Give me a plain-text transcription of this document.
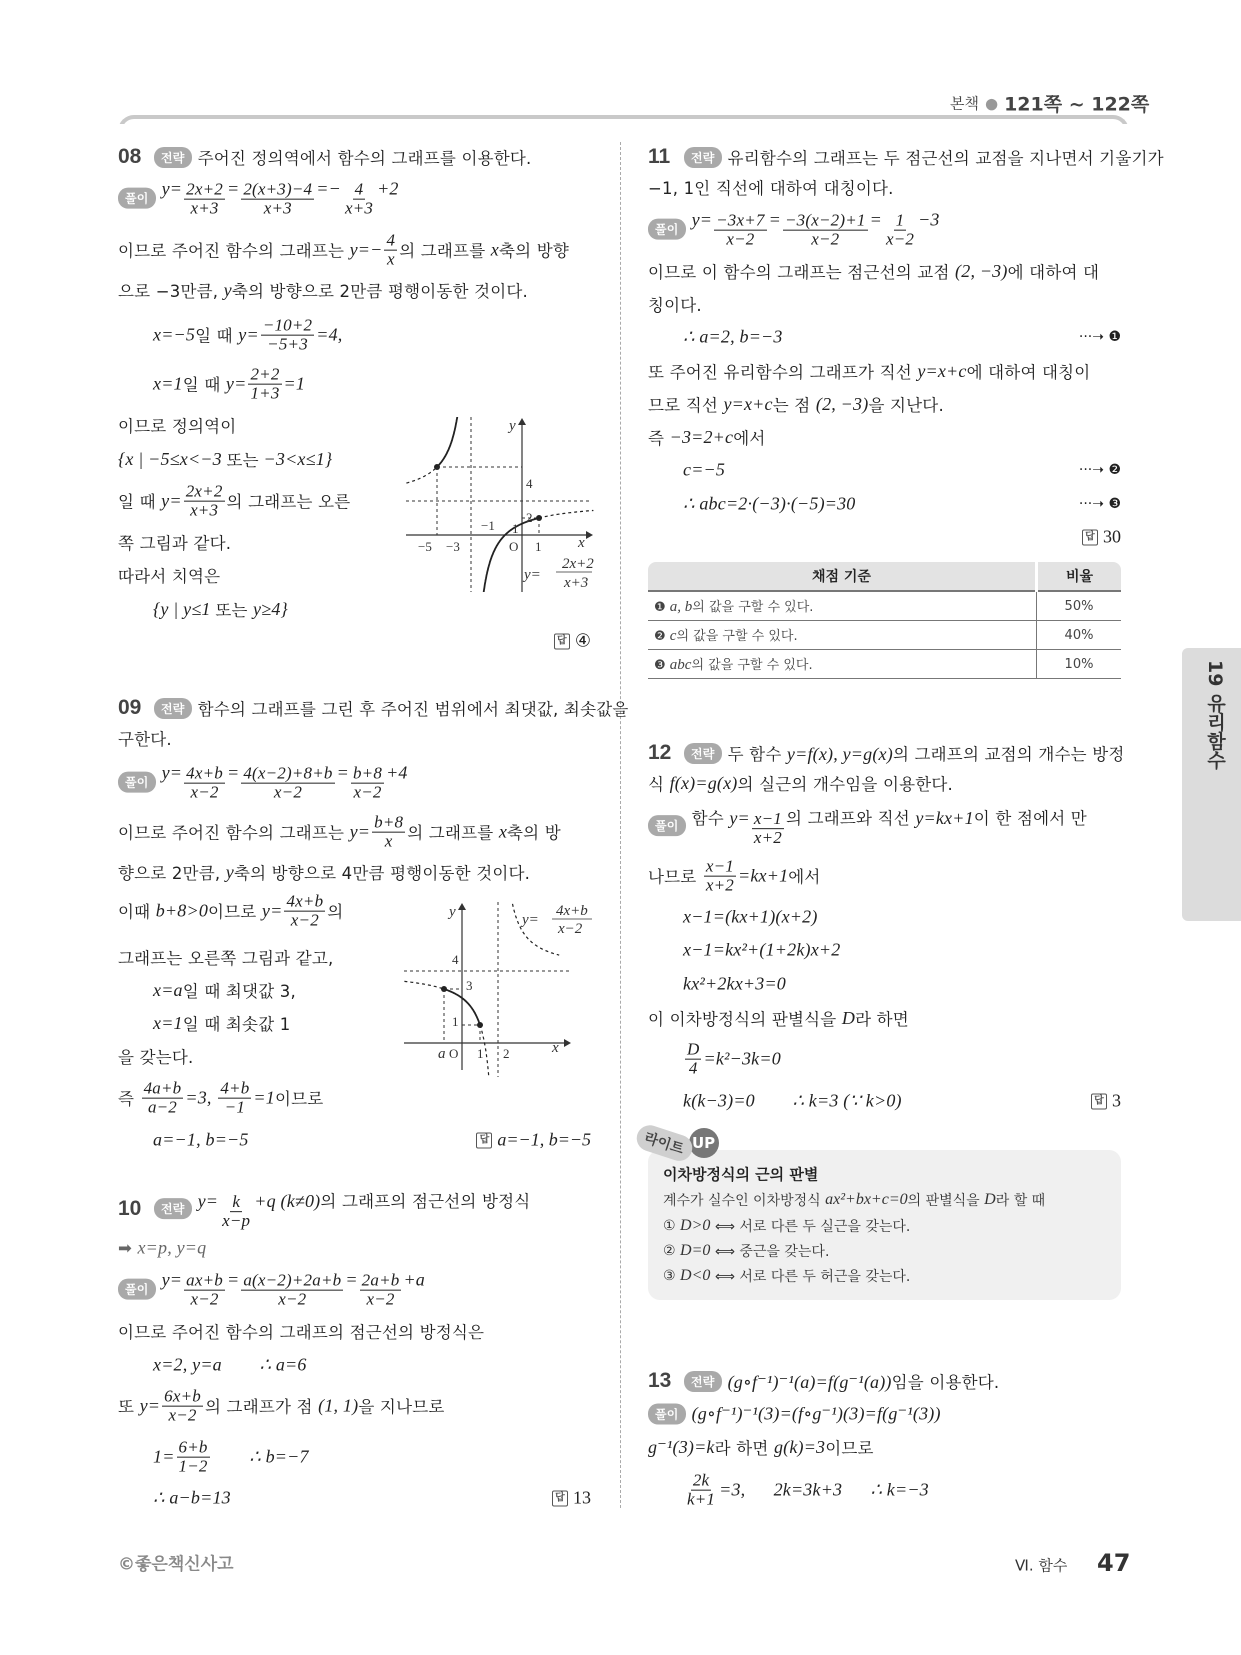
본책 ● 121쪽 ~ 122쪽
08	전략 주어진 정의역에서 함수의 그래프를 이용한다.
풀이 $y= \frac{2x+2}{x+3} = \frac{2(x+3)-4}{x+3} =- \frac{4}{x+3} +2$
이므로 주어진 함수의 그래프는 $y=- \frac{4}{x}$ 의 그래프를 x 축의 방향
으로 −3만큼, y 축의 방향으로 2만큼 평행이동한 것이다.
x=−5 일 때 $y= \frac{-10+2}{-5+3} =4$,
x=1 일 때 $y= \frac{2+2}{1+3} =1$
이므로 정의역이
{x | −5≤x<−3 또는 −3<x≤1}
일 때 $y= \frac{2x+2}{x+3}$ 의 그래프는 오른
쪽 그림과 같다.
따라서 치역은
{y | y≤1 또는 y≥4}
답 ④
y
x
O
4
2
1
−1
−5 −3	1
y=
2x+2
x+3
09	전략 함수의 그래프를 그린 후 주어진 범위에서 최댓값, 최솟값을
구한다.
풀이 $y= \frac{4x+b}{x-2} = \frac{4(x-2)+8+b}{x-2} = \frac{b+8}{x-2} +4$
이므로 주어진 함수의 그래프는 $y= \frac{b+8}{x}$ 의 그래프를 x 축의 방
향으로 2만큼, y 축의 방향으로 4만큼 평행이동한 것이다.
이때 b+8>0 이므로 $y= \frac{4x+b}{x-2}$ 의
그래프는 오른쪽 그림과 같고,
x=a 일 때 최댓값 3,
x=1 일 때 최솟값 1
을 갖는다.
즉 $\frac{4a+b}{a-2} =3$, $\frac{4+b}{-1} =1$ 이므로
a=−1, b=−5	답 a=−1, b=−5
y
x
O
4
3
1
a 1 2
y=
4x+b
x−2
10	전략 $y= \frac{k}{x-p} +q$ (k≠0)의 그래프의 점근선의 방정식
➡ x=p, y=q
풀이 $y= \frac{ax+b}{x-2} = \frac{a(x-2)+2a+b}{x-2} = \frac{2a+b}{x-2} +a$
이므로 주어진 함수의 그래프의 점근선의 방정식은
x=2, y=a        ∴ a=6
또 $y= \frac{6x+b}{x-2}$ 의 그래프가 점 (1, 1) 을 지나므로
$1= \frac{6+b}{1-2}$ ∴ b=−7
∴ a−b=13	답 13
11	전략 유리함수의 그래프는 두 점근선의 교점을 지나면서 기울기가
−1, 1인 직선에 대하여 대칭이다.
풀이 $y= \frac{-3x+7}{x-2} = \frac{-3(x-2)+1}{x-2} = \frac{1}{x-2} -3$
이므로 이 함수의 그래프는 점근선의 교점 (2, −3) 에 대하여 대
칭이다.
∴ a=2, b=−3	···➝ ❶
또 주어진 유리함수의 그래프가 직선 y=x+c 에 대하여 대칭이
므로 직선 y=x+c 는 점 (2, −3) 을 지난다.
즉 −3=2+c 에서
c=−5	···➝ ❷
∴ abc=2·(−3)·(−5)=30	···➝ ❸
답 30
채점 기준	비율
❶ a, b의 값을 구할 수 있다.	50%
❷ c의 값을 구할 수 있다.	40%
❸ abc의 값을 구할 수 있다.	10%
12	전략 두 함수 y=f(x), y=g(x)의 그래프의 교점의 개수는 방정
식 f(x)=g(x) 의 실근의 개수임을 이용한다.
풀이 함수 $y= \frac{x-1}{x+2}$ 의 그래프와 직선 y=kx+1이 한 점에서 만
나므로 $\frac{x-1}{x+2} =kx+1$ 에서
x−1=(kx+1)(x+2)
x−1=kx²+(1+2k)x+2
kx²+2kx+3=0
이 이차방정식의 판별식을 D 라 하면
$\frac{D}{4} =k^2-3k=0$
k(k−3)=0        ∴ k=3 (∵ k>0)	답 3
라이트 UP
이차방정식의 근의 판별
계수가 실수인 이차방정식 ax²+bx+c=0 의 판별식을 D 라 할 때
① D>0 ⟺ 서로 다른 두 실근을 갖는다.
② D=0 ⟺ 중근을 갖는다.
③ D<0 ⟺ 서로 다른 두 허근을 갖는다.
13	전략 (g∘f⁻¹)⁻¹(a)=f(g⁻¹(a))임을 이용한다.
풀이 (g∘f⁻¹)⁻¹(3)=(f∘g⁻¹)(3)=f(g⁻¹(3))
g⁻¹(3)=k 라 하면 g(k)=3 이므로
$\frac{2k}{k+1} =3$,      2k=3k+3      ∴ k=−3
19 유리함수
©좋은책신사고	Ⅵ. 함수 47
